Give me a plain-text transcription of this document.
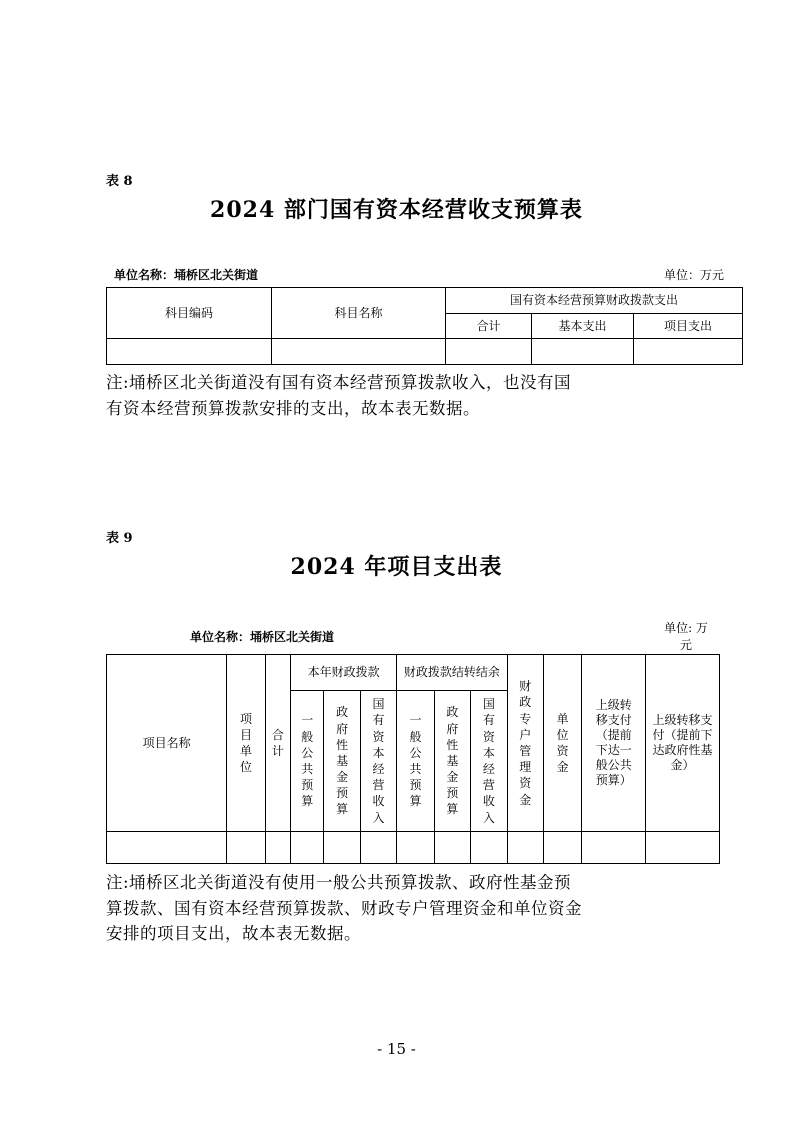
表 8
2024 部门国有资本经营收支预算表
单位名称：埇桥区北关街道	单位：万元
科目编码	科目名称	国有资本经营预算财政拨款支出		
		合计	基本支出	项目支出

注:埇桥区北关街道没有国有资本经营预算拨款收入，也没有国
有资本经营预算拨款安排的支出，故本表无数据。
表 9
2024 年项目支出表
单位名称：埇桥区北关街道
单位: 万
元
项目名称	项目单位	合计	本年财政拨款			财政拨款结转结余			财政专户管理资金	单位资金	上级转移支付（提前下达一般公共预算）	上级转移支付（提前下达政府性基金）
			一般公共预算	政府性基金预算	国有资本经营收入	一般公共预算	政府性基金预算	国有资本经营收入				

注:埇桥区北关街道没有使用一般公共预算拨款、政府性基金预
算拨款、国有资本经营预算拨款、财政专户管理资金和单位资金
安排的项目支出，故本表无数据。
- 15 -
